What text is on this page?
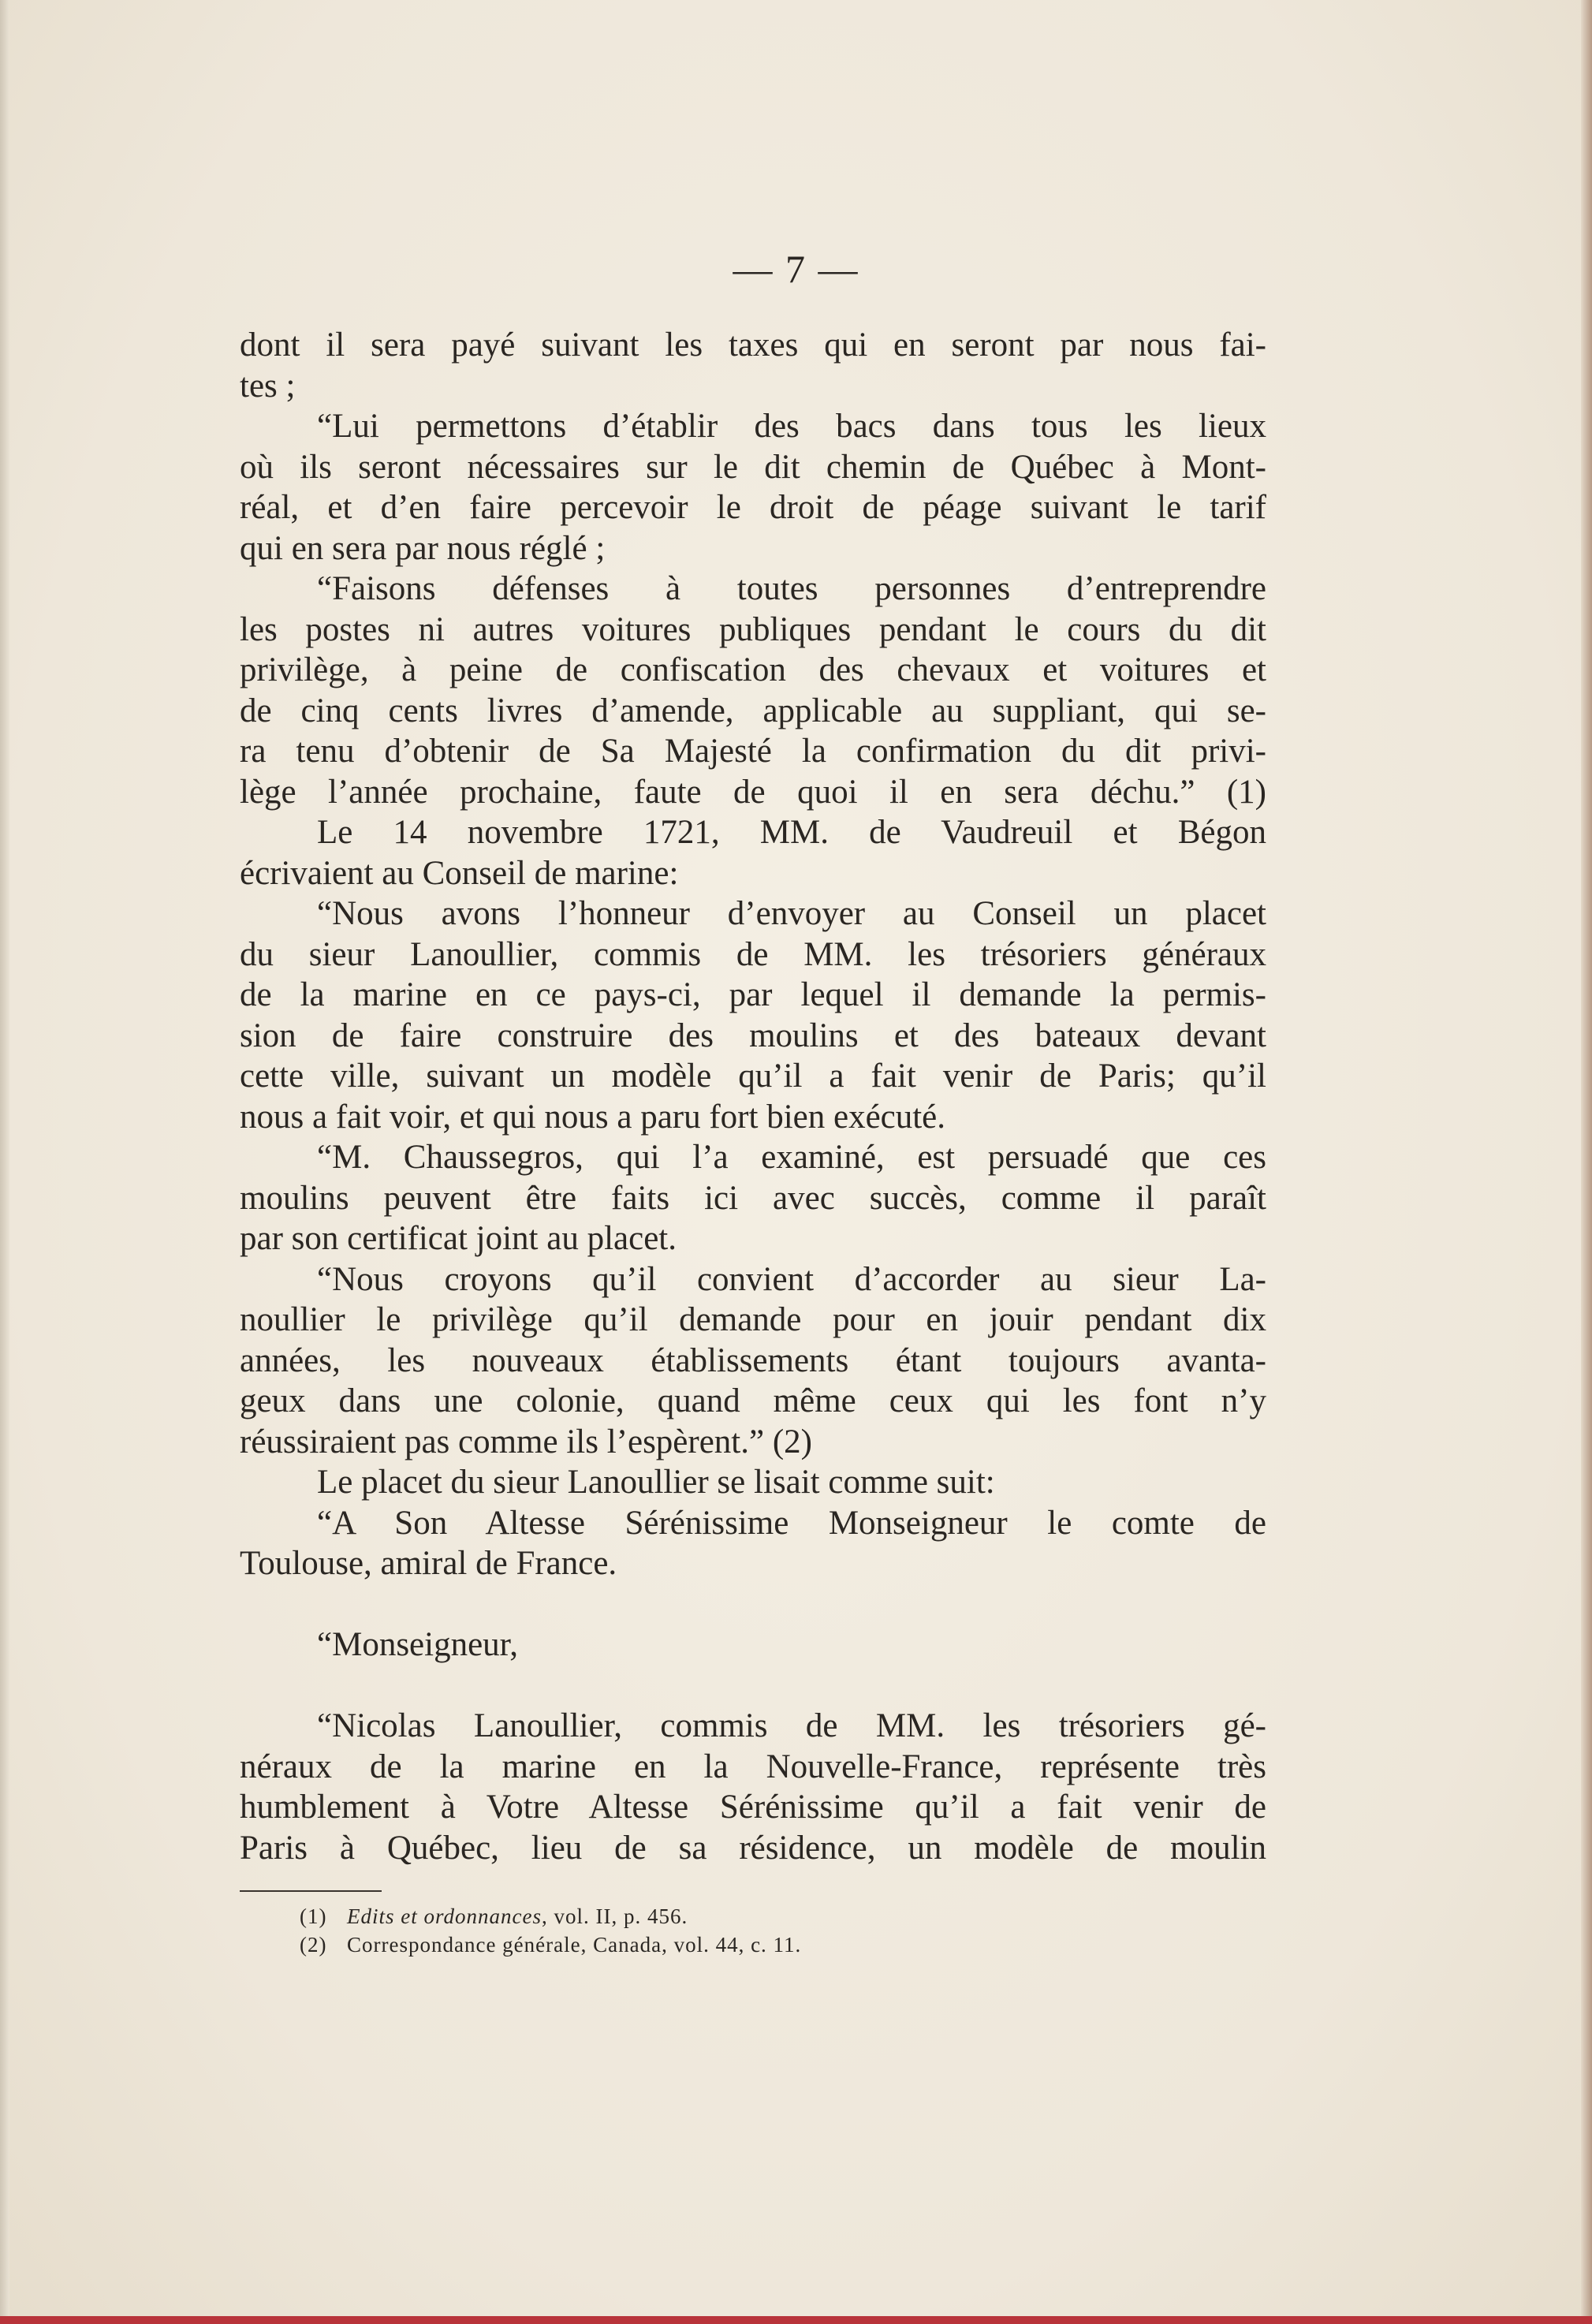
— 7 —
dont il sera payé suivant les taxes qui en seront par nous fai-
tes ;
“Lui permettons d’établir des bacs dans tous les lieux
où ils seront nécessaires sur le dit chemin de Québec à Mont-
réal, et d’en faire percevoir le droit de péage suivant le tarif
qui en sera par nous réglé ;
“Faisons défenses à toutes personnes d’entreprendre
les postes ni autres voitures publiques pendant le cours du dit
privilège, à peine de confiscation des chevaux et voitures et
de cinq cents livres d’amende, applicable au suppliant, qui se-
ra tenu d’obtenir de Sa Majesté la confirmation du dit privi-
lège l’année prochaine, faute de quoi il en sera déchu.” (1)
Le 14 novembre 1721, MM. de Vaudreuil et Bégon
écrivaient au Conseil de marine:
“Nous avons l’honneur d’envoyer au Conseil un placet
du sieur Lanoullier, commis de MM. les trésoriers généraux
de la marine en ce pays-ci, par lequel il demande la permis-
sion de faire construire des moulins et des bateaux devant
cette ville, suivant un modèle qu’il a fait venir de Paris; qu’il
nous a fait voir, et qui nous a paru fort bien exécuté.
“M. Chaussegros, qui l’a examiné, est persuadé que ces
moulins peuvent être faits ici avec succès, comme il paraît
par son certificat joint au placet.
“Nous croyons qu’il convient d’accorder au sieur La-
noullier le privilège qu’il demande pour en jouir pendant dix
années, les nouveaux établissements étant toujours avanta-
geux dans une colonie, quand même ceux qui les font n’y
réussiraient pas comme ils l’espèrent.” (2)
Le placet du sieur Lanoullier se lisait comme suit:
“A Son Altesse Sérénissime Monseigneur le comte de
Toulouse, amiral de France.
“Monseigneur,
“Nicolas Lanoullier, commis de MM. les trésoriers gé-
néraux de la marine en la Nouvelle-France, représente très
humblement à Votre Altesse Sérénissime qu’il a fait venir de
Paris à Québec, lieu de sa résidence, un modèle de moulin
(1) Edits et ordonnances, vol. II, p. 456.
(2) Correspondance générale, Canada, vol. 44, c. 11.
